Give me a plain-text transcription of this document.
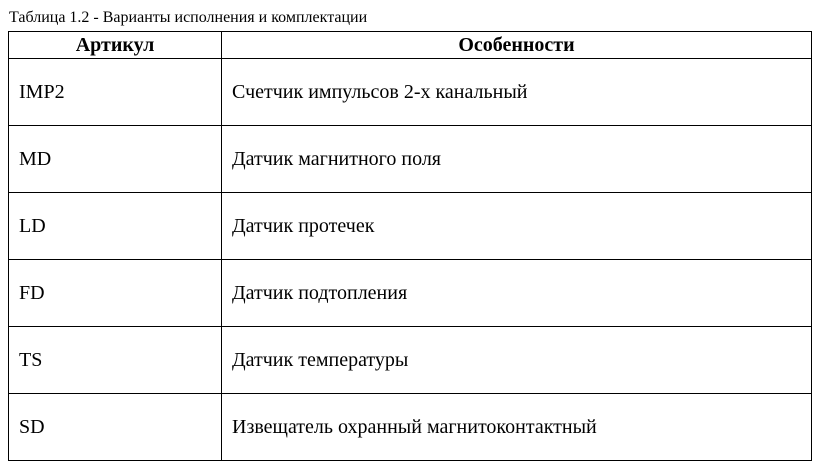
Таблица 1.2 - Варианты исполнения и комплектации
Артикул	Особенности
IMP2	Счетчик импульсов 2-х канальный
MD	Датчик магнитного поля
LD	Датчик протечек
FD	Датчик подтопления
TS	Датчик температуры
SD	Извещатель охранный магнитоконтактный
